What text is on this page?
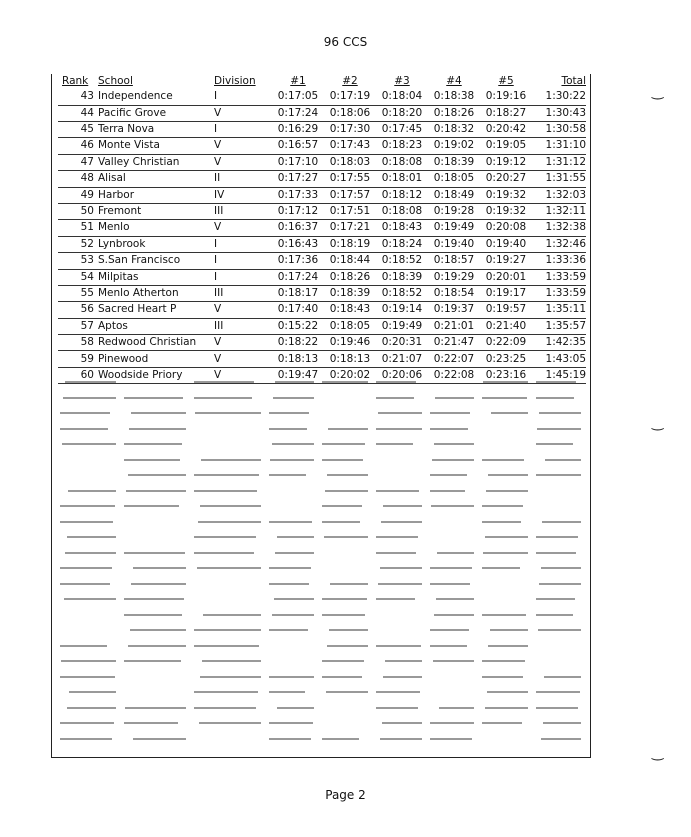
96 CCS
Rank	School	Division	#1	#2	#3	#4	#5	Total
43	Independence	I	0:17:05	0:17:19	0:18:04	0:18:38	0:19:16	1:30:22
44	Pacific Grove	V	0:17:24	0:18:06	0:18:20	0:18:26	0:18:27	1:30:43
45	Terra Nova	I	0:16:29	0:17:30	0:17:45	0:18:32	0:20:42	1:30:58
46	Monte Vista	V	0:16:57	0:17:43	0:18:23	0:19:02	0:19:05	1:31:10
47	Valley Christian	V	0:17:10	0:18:03	0:18:08	0:18:39	0:19:12	1:31:12
48	Alisal	II	0:17:27	0:17:55	0:18:01	0:18:05	0:20:27	1:31:55
49	Harbor	IV	0:17:33	0:17:57	0:18:12	0:18:49	0:19:32	1:32:03
50	Fremont	III	0:17:12	0:17:51	0:18:08	0:19:28	0:19:32	1:32:11
51	Menlo	V	0:16:37	0:17:21	0:18:43	0:19:49	0:20:08	1:32:38
52	Lynbrook	I	0:16:43	0:18:19	0:18:24	0:19:40	0:19:40	1:32:46
53	S.San Francisco	I	0:17:36	0:18:44	0:18:52	0:18:57	0:19:27	1:33:36
54	Milpitas	I	0:17:24	0:18:26	0:18:39	0:19:29	0:20:01	1:33:59
55	Menlo Atherton	III	0:18:17	0:18:39	0:18:52	0:18:54	0:19:17	1:33:59
56	Sacred Heart P	V	0:17:40	0:18:43	0:19:14	0:19:37	0:19:57	1:35:11
57	Aptos	III	0:15:22	0:18:05	0:19:49	0:21:01	0:21:40	1:35:57
58	Redwood Christian	V	0:18:22	0:19:46	0:20:31	0:21:47	0:22:09	1:42:35
59	Pinewood	V	0:18:13	0:18:13	0:21:07	0:22:07	0:23:25	1:43:05
60	Woodside Priory	V	0:19:47	0:20:02	0:20:06	0:22:08	0:23:16	1:45:19
Page 2
‿
‿
‿
